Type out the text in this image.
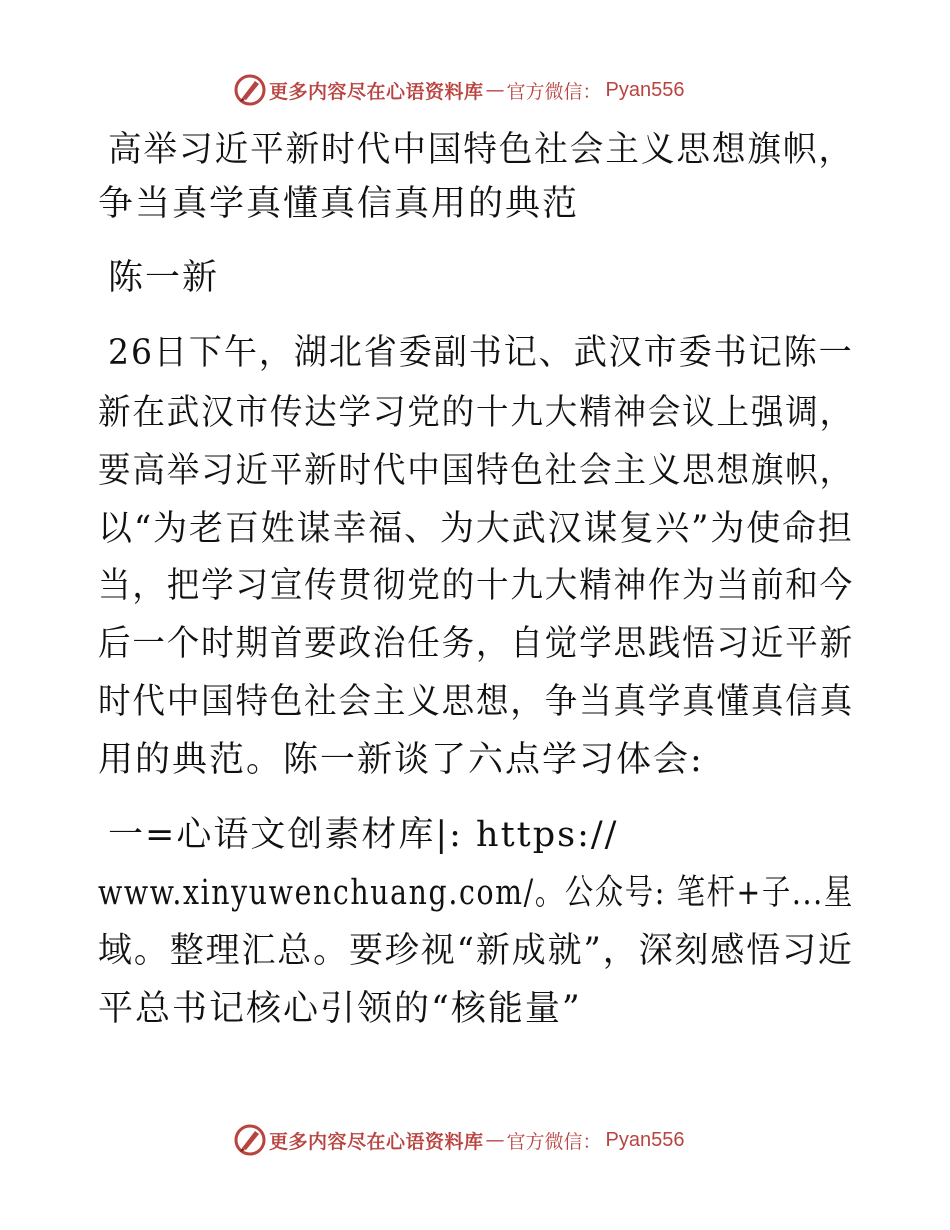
更多内容尽在心语资料库 — 官方微信： Pyan556
高举习近平新时代中国特色社会主义思想旗帜，
争当真学真懂真信真用的典范
陈一新
26日下午，湖北省委副书记、武汉市委书记陈一
新在武汉市传达学习党的十九大精神会议上强调，
要高举习近平新时代中国特色社会主义思想旗帜，
以“为老百姓谋幸福、为大武汉谋复兴”为使命担
当，把学习宣传贯彻党的十九大精神作为当前和今
后一个时期首要政治任务，自觉学思践悟习近平新
时代中国特色社会主义思想，争当真学真懂真信真
用的典范。陈一新谈了六点学习体会:
一=心语文创素材库|: https://
www.xinyuwenchuang.com/。公众号: 笔杆+子...星
域。整理汇总。要珍视“新成就”，深刻感悟习近
平总书记核心引领的“核能量”
更多内容尽在心语资料库 — 官方微信： Pyan556
